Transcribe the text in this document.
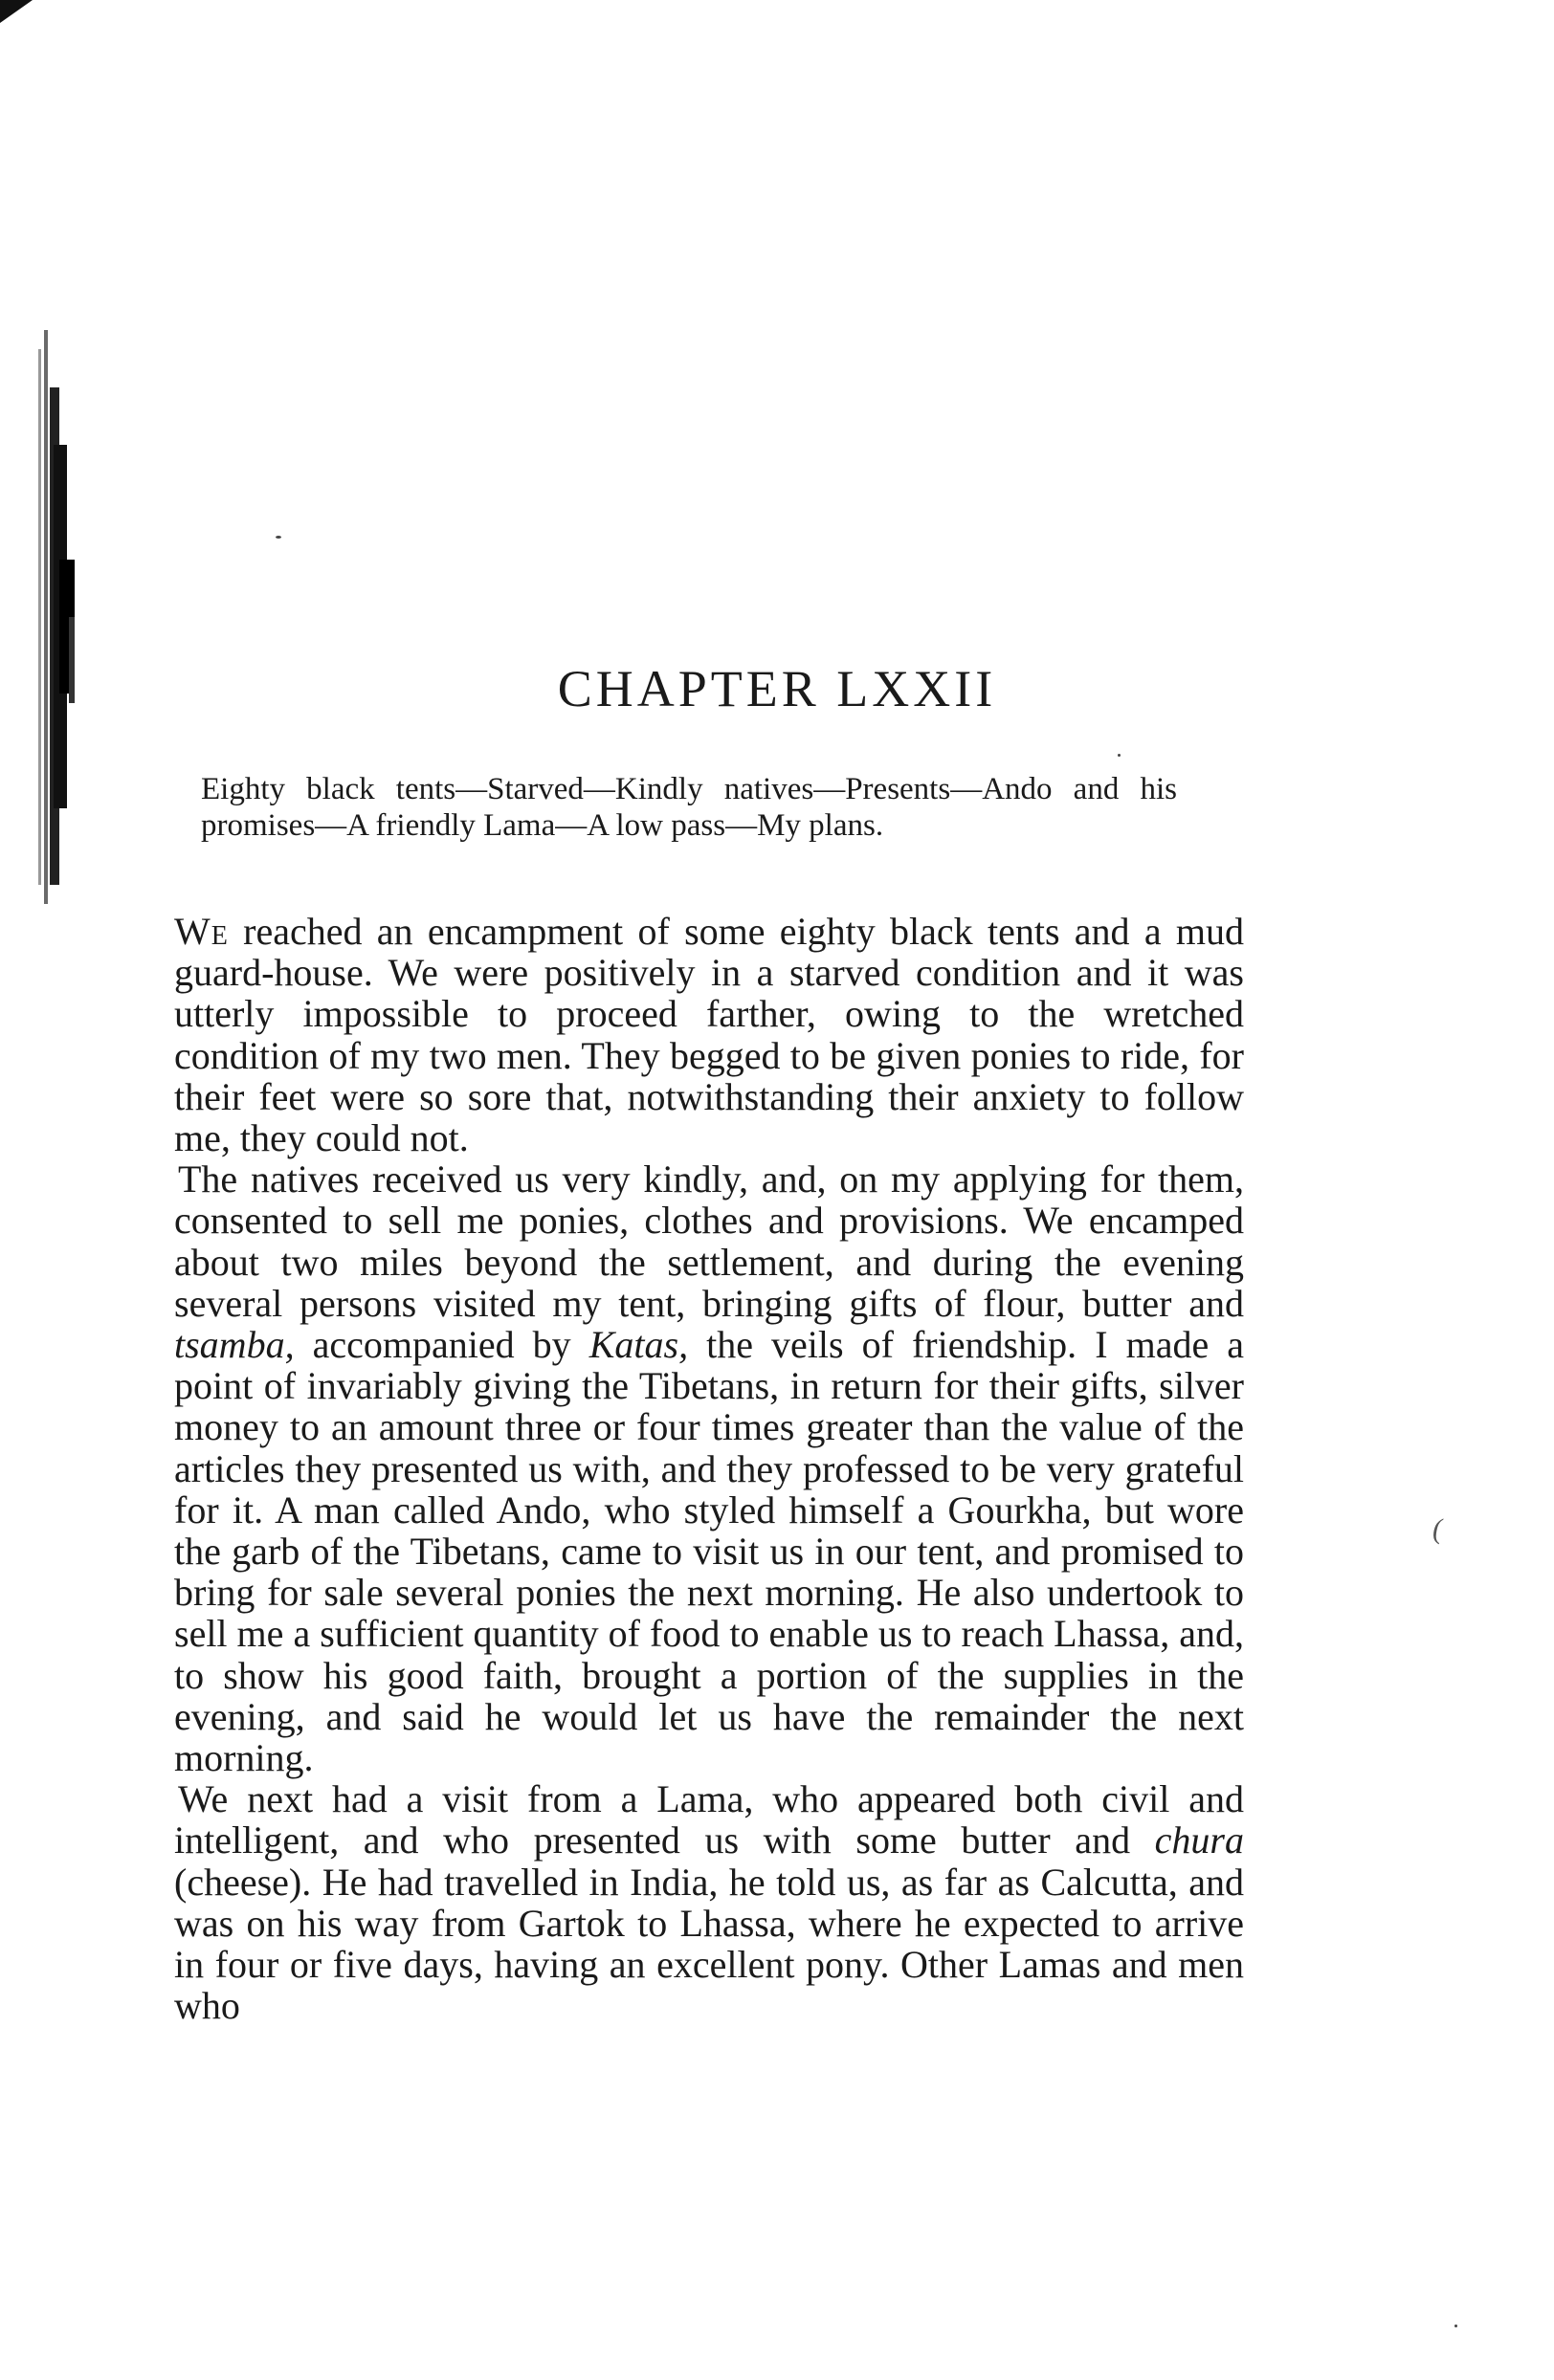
CHAPTER LXXII

Eighty black tents—Starved—Kindly natives—Presents—Ando and his promises—A friendly Lama—A low pass—My plans.

We reached an encampment of some eighty black tents and a mud guard-house. We were positively in a starved condition and it was utterly impossible to proceed farther, owing to the wretched condition of my two men. They begged to be given ponies to ride, for their feet were so sore that, notwithstanding their anxiety to follow me, they could not.

The natives received us very kindly, and, on my applying for them, consented to sell me ponies, clothes and provisions. We encamped about two miles beyond the settlement, and during the evening several persons visited my tent, bringing gifts of flour, butter and tsamba, accompanied by Katas, the veils of friendship. I made a point of invariably giving the Tibetans, in return for their gifts, silver money to an amount three or four times greater than the value of the articles they presented us with, and they professed to be very grateful for it. A man called Ando, who styled himself a Gourkha, but wore the garb of the Tibetans, came to visit us in our tent, and promised to bring for sale several ponies the next morning. He also undertook to sell me a sufficient quantity of food to enable us to reach Lhassa, and, to show his good faith, brought a portion of the supplies in the evening, and said he would let us have the remainder the next morning.

We next had a visit from a Lama, who appeared both civil and intelligent, and who presented us with some butter and chura (cheese). He had travelled in India, he told us, as far as Calcutta, and was on his way from Gartok to Lhassa, where he expected to arrive in four or five days, having an excellent pony. Other Lamas and men who

(
